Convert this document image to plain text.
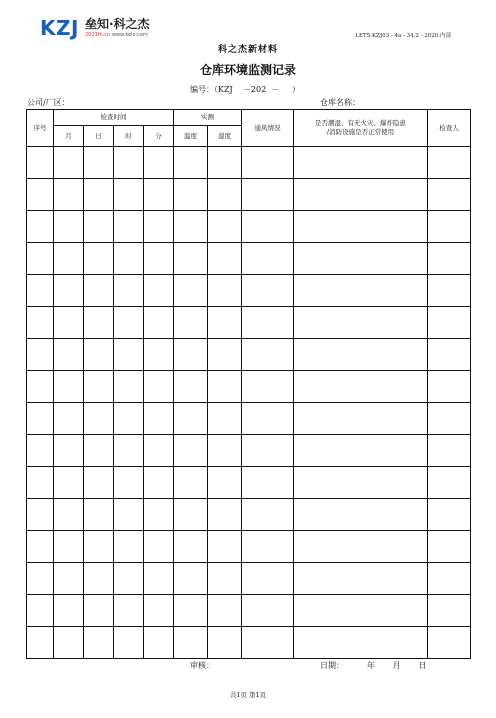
KZJ 垒知·科之杰
2023th.cn www.kelo.com	LETS.KZJ03 - 4a - 34.2 - 2020.内部
科之杰新材料
仓库环境监测记录
编号：（KZJ    －202  －     ）
公司/厂区：	仓库名称：
序号	检查时间				实测		通风情况	是否潮湿、有无火灾、爆炸隐患
/消防设施是否正常使用	检查人
	月	日	时	分	温度	湿度			

审核：	日期：         年       月       日
共1页 第1页
